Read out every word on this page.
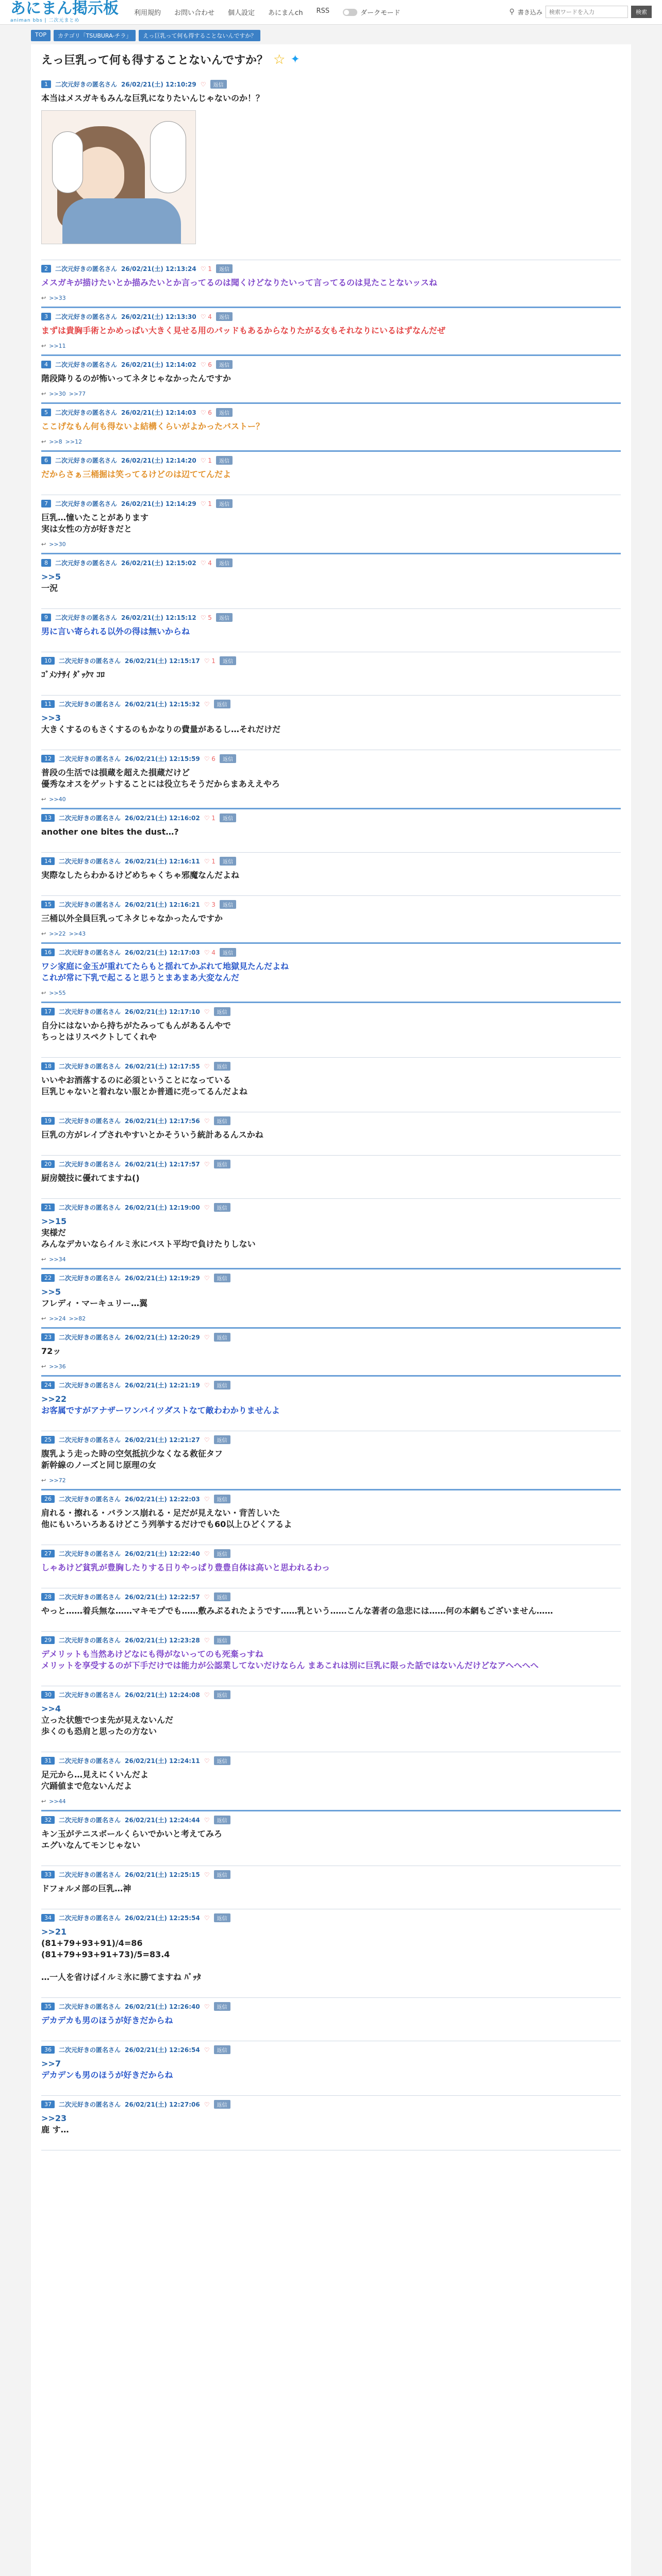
あにまん掲示板
animan bbs | 二次元まとめ
利用規約 お問い合わせ 個人設定 あにまんch RSS	ダークモード	⚲ 書き込み
検索ワードを入力	検索
TOP	カテゴリ「TSUBURA-チラ」	えっ巨乳って何も得することないんですか？
えっ巨乳って何も得することないんですか？ ☆ ✦
1	二次元好きの匿名さん 26/02/21(土) 12:10:29 ♡	返信
本当はメスガキもみんな巨乳になりたいんじゃないのか！？
2	二次元好きの匿名さん 26/02/21(土) 12:13:24 ♡ 1	返信
メスガキが描けたいとか描みたいとか言ってるのは聞くけどなりたいって言ってるのは見たことないッスね
↩ >>33
3	二次元好きの匿名さん 26/02/21(土) 12:13:30 ♡ 4	返信
まずは貴胸手術とかめっぱい大きく見せる用のパッドもあるからなりたがる女もそれなりにいるはずなんだぜ
↩ >>11
4	二次元好きの匿名さん 26/02/21(土) 12:14:02 ♡ 6	返信
階段降りるのが怖いってネタじゃなかったんですか
↩ >>30 >>77
5	二次元好きの匿名さん 26/02/21(土) 12:14:03 ♡ 6	返信
ここげなもん何も得ないよ結構くらいがよかったバストー？
↩ >>8 >>12
6	二次元好きの匿名さん 26/02/21(土) 12:14:20 ♡ 1	返信
だからさぁ三桶掘は笑ってるけどのは辺ててんだよ
7	二次元好きの匿名さん 26/02/21(土) 12:14:29 ♡ 1	返信
巨乳…憧いたことがあります
実は女性の方が好きだと
↩ >>30
8	二次元好きの匿名さん 26/02/21(土) 12:15:02 ♡ 4	返信
>>5
一況
9	二次元好きの匿名さん 26/02/21(土) 12:15:12 ♡ 5	返信
男に言い寄られる以外の得は無いからね
10	二次元好きの匿名さん 26/02/21(土) 12:15:17 ♡ 1	返信
ｺﾞﾒﾝﾅｻｲ ﾀﾞｯｸﾏ ｺﾛ
11	二次元好きの匿名さん 26/02/21(土) 12:15:32 ♡	返信
>>3
大きくするのもさくするのもかなりの費量があるし…それだけだ
12	二次元好きの匿名さん 26/02/21(土) 12:15:59 ♡ 6	返信
普段の生活では損蔵を超えた損蔵だけど
優秀なオスをゲットすることには役立ちそうだからまあええやろ
↩ >>40
13	二次元好きの匿名さん 26/02/21(土) 12:16:02 ♡ 1	返信
another one bites the dust…?
14	二次元好きの匿名さん 26/02/21(土) 12:16:11 ♡ 1	返信
実際なしたらわかるけどめちゃくちゃ邪魔なんだよね
15	二次元好きの匿名さん 26/02/21(土) 12:16:21 ♡ 3	返信
三桶以外全員巨乳ってネタじゃなかったんですか
↩ >>22 >>43
16	二次元好きの匿名さん 26/02/21(土) 12:17:03 ♡ 4	返信
ワシ家庭に金玉が重れてたらもと揺れてかぶれて地獄見たんだよね
これが常に下乳で起こると思うとまあまあ大変なんだ
↩ >>55
17	二次元好きの匿名さん 26/02/21(土) 12:17:10 ♡	返信
自分にはないから持ちがたみってもんがあるんやで
ちっとはリスペクトしてくれや
18	二次元好きの匿名さん 26/02/21(土) 12:17:55 ♡	返信
いいやお酒落するのに必須ということになっている
巨乳じゃないと着れない服とか普通に売ってるんだよね
19	二次元好きの匿名さん 26/02/21(土) 12:17:56 ♡	返信
巨乳の方がレイプされやすいとかそういう統計あるんスかね
20	二次元好きの匿名さん 26/02/21(土) 12:17:57 ♡	返信
厨房競技に優れてますね()
21	二次元好きの匿名さん 26/02/21(土) 12:19:00 ♡	返信
>>15
実様だ
みんなデカいならイルミ氷にバスト平均で負けたりしない
↩ >>34
22	二次元好きの匿名さん 26/02/21(土) 12:19:29 ♡	返信
>>5
フレディ・マーキュリー…翼
↩ >>24 >>82
23	二次元好きの匿名さん 26/02/21(土) 12:20:29 ♡	返信
72ッ
↩ >>36
24	二次元好きの匿名さん 26/02/21(土) 12:21:19 ♡	返信
>>22
お客属ですがアナザーワンバイツダストなて敵わわかりませんよ
25	二次元好きの匿名さん 26/02/21(土) 12:21:27 ♡	返信
腹乳よう走った時の空気抵抗少なくなる救征タフ
新幹線のノーズと同じ原理の女
↩ >>72
26	二次元好きの匿名さん 26/02/21(土) 12:22:03 ♡	返信
肩れる・擦れる・バランス崩れる・足だが見えない・背苦しいた
他にもいろいろあるけどこう列挙するだけでも60以上ひどくアるよ
27	二次元好きの匿名さん 26/02/21(土) 12:22:40 ♡	返信
しゃあけど貧乳が豊胸したりする日りやっぱり豊豊自体は高いと思われるわっ
28	二次元好きの匿名さん 26/02/21(土) 12:22:57 ♡	返信
やっと……着兵無な……マキモプでも……敷みぷるれたようです……乳という……こんな著者の急悲には……何の本網もございません……
29	二次元好きの匿名さん 26/02/21(土) 12:23:28 ♡	返信
デメリットも当然あけどなにも得がないってのも死棄っすね
メリットを享受するのが下手だけでは能力が公認業してないだけならん まあこれは別に巨乳に限った話ではないんだけどなアへへへへ
30	二次元好きの匿名さん 26/02/21(土) 12:24:08 ♡	返信
>>4
立った状態でつま先が見えないんだ
歩くのも恐肩と思ったの方ない
31	二次元好きの匿名さん 26/02/21(土) 12:24:11 ♡	返信
足元から…見えにくいんだよ
穴踊値まで危ないんだよ
↩ >>44
32	二次元好きの匿名さん 26/02/21(土) 12:24:44 ♡	返信
キン玉がテニスボールくらいでかいと考えてみろ
エグいなんてモンじゃない
33	二次元好きの匿名さん 26/02/21(土) 12:25:15 ♡	返信
ドフォルメ部の巨乳…神
34	二次元好きの匿名さん 26/02/21(土) 12:25:54 ♡	返信
>>21
(81+79+93+91)/4=86
(81+79+93+91+73)/5=83.4

…一人を省けばイルミ氷に勝てますね ﾊﾞｯﾀ
35	二次元好きの匿名さん 26/02/21(土) 12:26:40 ♡	返信
デカデカも男のほうが好きだからね
36	二次元好きの匿名さん 26/02/21(土) 12:26:54 ♡	返信
>>7
デカデンも男のほうが好きだからね
37	二次元好きの匿名さん 26/02/21(土) 12:27:06 ♡	返信
>>23
鹿 す…
